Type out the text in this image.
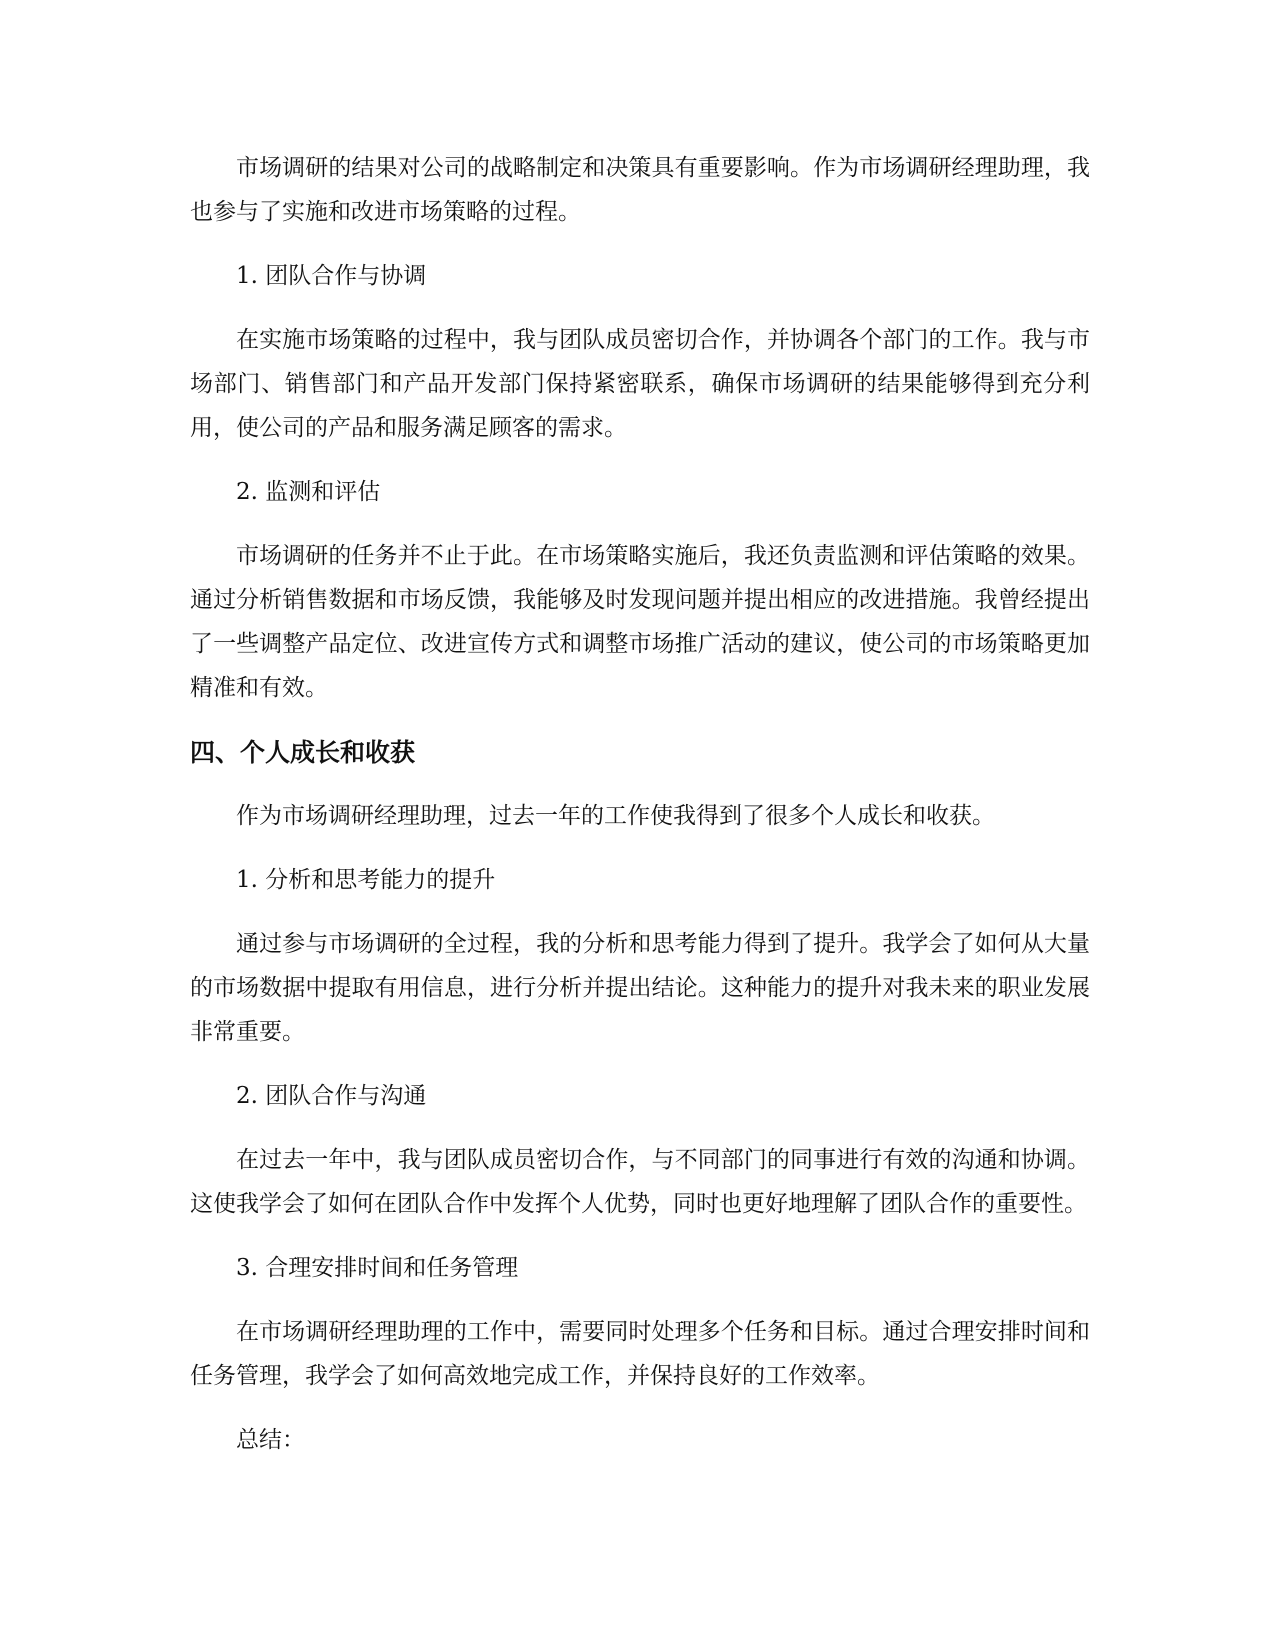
市场调研的结果对公司的战略制定和决策具有重要影响。作为市场调研经理助理，我也参与了实施和改进市场策略的过程。

1. 团队合作与协调

在实施市场策略的过程中，我与团队成员密切合作，并协调各个部门的工作。我与市场部门、销售部门和产品开发部门保持紧密联系，确保市场调研的结果能够得到充分利用，使公司的产品和服务满足顾客的需求。

2. 监测和评估

市场调研的任务并不止于此。在市场策略实施后，我还负责监测和评估策略的效果。通过分析销售数据和市场反馈，我能够及时发现问题并提出相应的改进措施。我曾经提出了一些调整产品定位、改进宣传方式和调整市场推广活动的建议，使公司的市场策略更加精准和有效。

四、个人成长和收获

作为市场调研经理助理，过去一年的工作使我得到了很多个人成长和收获。

1. 分析和思考能力的提升

通过参与市场调研的全过程，我的分析和思考能力得到了提升。我学会了如何从大量的市场数据中提取有用信息，进行分析并提出结论。这种能力的提升对我未来的职业发展非常重要。

2. 团队合作与沟通

在过去一年中，我与团队成员密切合作，与不同部门的同事进行有效的沟通和协调。这使我学会了如何在团队合作中发挥个人优势，同时也更好地理解了团队合作的重要性。

3. 合理安排时间和任务管理

在市场调研经理助理的工作中，需要同时处理多个任务和目标。通过合理安排时间和任务管理，我学会了如何高效地完成工作，并保持良好的工作效率。

总结：
